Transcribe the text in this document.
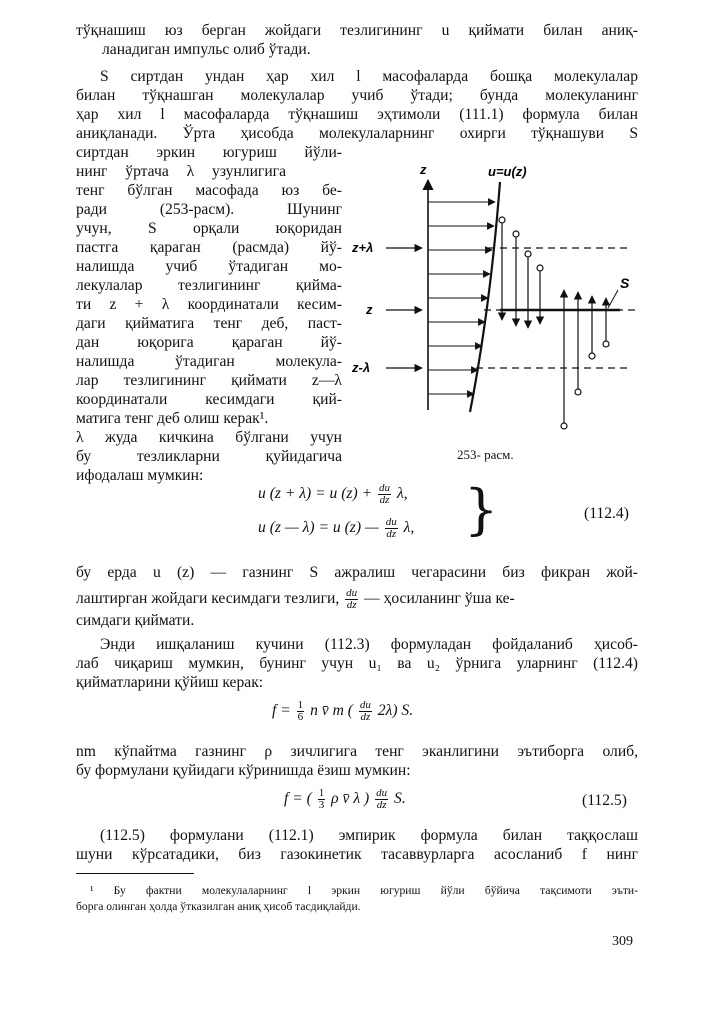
тўқнашиш юз берган жойдаги тезлигининг u қиймати билан аниқ-
ланадиган импульс олиб ўтади.
S сиртдан ундан ҳар хил l масофаларда бошқа молекулалар
билан тўқнашган молекулалар учиб ўтади; бунда молекуланинг
ҳар хил l масофаларда тўқнашиш эҳтимоли (111.1) формула билан
аниқланади. Ўрта ҳисобда молекулаларнинг охирги тўқнашуви S
сиртдан эркин югуриш йўли-
нинг ўртача λ узунлигига
тенг бўлган масофада юз бе-
ради (253-расм). Шунинг
учун, S орқали юқоридан
пастга қараган (расмда) йў-
налишда учиб ўтадиган мо-
лекулалар тезлигининг қийма-
ти z + λ координатали кесим-
даги қийматига тенг деб, паст-
дан юқорига қараган йў-
налишда ўтадиган молекула-
лар тезлигининг қиймати z—λ
координатали кесимдаги қий-
матига тенг деб олиш керак¹.
λ жуда кичкина бўлгани учун
бу тезликларни қуйидагича
ифодалаш мумкин:
z	u=u(z)
z+λ
z
z-λ
S
253- расм.
u (z + λ) = u $(z) + \frac{du}{dz} \lambda$,
u (z — λ) = u (z) — $\frac{du}{dz} \lambda$, }	(112.4)
бу ерда u (z) — газнинг S ажралиш чегарасини биз фикран жой-
лаштирган жойдаги кесимдаги тезлиги, $\frac{du}{dz}$ — ҳосиланинг ўша ке-
симдаги қиймати.
Энди ишқаланиш кучини (112.3) формуладан фойдаланиб ҳисоб-
лаб чиқариш мумкин, бунинг учун u₁ ва u₂ ўрнига уларнинг (112.4)
қийматларини қўйиш керак:
$f = \frac{1}{6}$ n v̄ m ( $\frac{du}{dz} 2\lambda$) S.
nm кўпайтма газнинг ρ зичлигига тенг эканлигини эътиборга олиб,
бу формулани қуйидаги кўринишда ёзиш мумкин:
f = ( $\frac{1}{3}$ ρ v̄ λ ) $\frac{du}{dz} S$.	(112.5)
(112.5) формулани (112.1) эмпирик формула билан таққослаш
шуни кўрсатадики, биз газокинетик тасаввурларга асосланиб f нинг
¹ Бу фактни молекулаларнинг l эркин югуриш йўли бўйича тақсимоти эъти-
борга олинган ҳолда ўтказилган аниқ ҳисоб тасдиқлайди.
309
